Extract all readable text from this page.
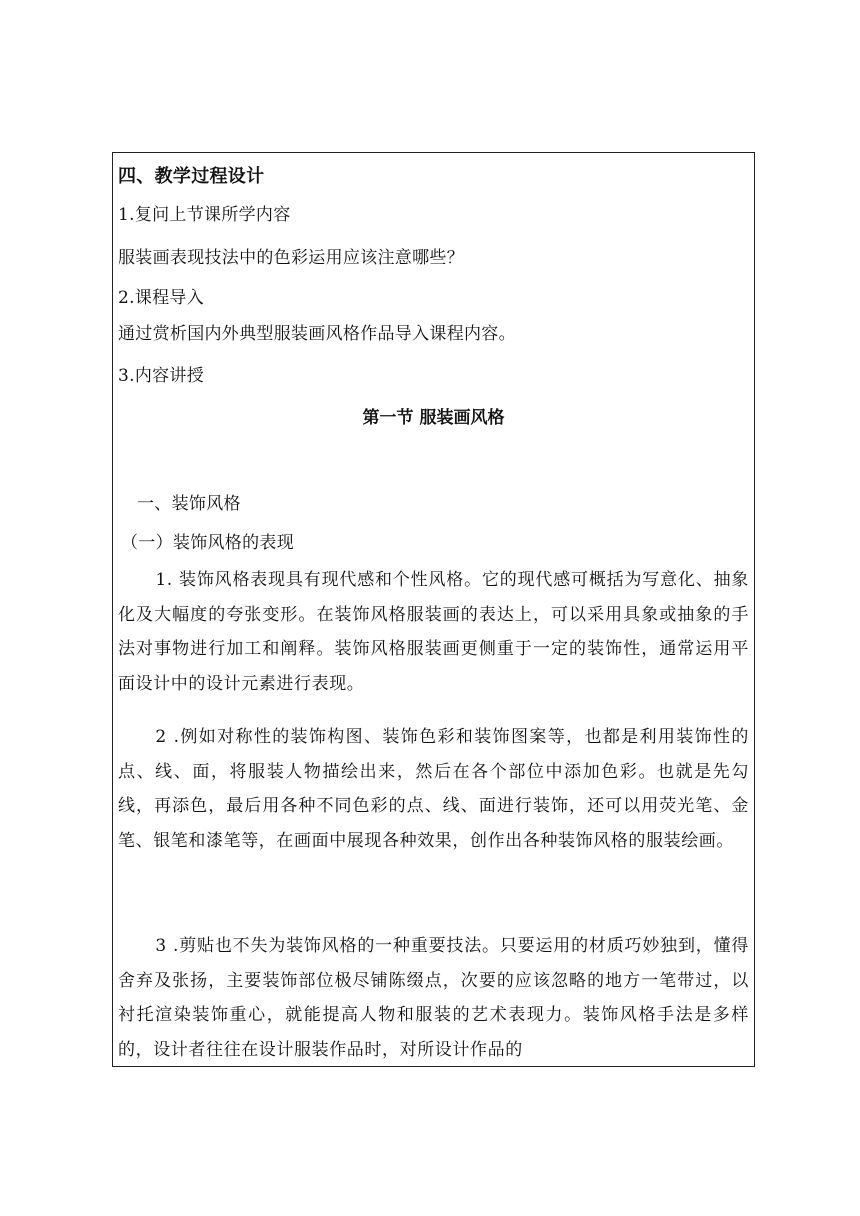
四、教学过程设计
1.复问上节课所学内容
服装画表现技法中的色彩运用应该注意哪些？
2.课程导入
通过赏析国内外典型服装画风格作品导入课程内容。
3.内容讲授
第一节 服装画风格
一、装饰风格
（一）装饰风格的表现

1. 装饰风格表现具有现代感和个性风格。它的现代感可概括为写意化、抽象化及大幅度的夸张变形。在装饰风格服装画的表达上，可以采用具象或抽象的手法对事物进行加工和阐释。装饰风格服装画更侧重于一定的装饰性，通常运用平面设计中的设计元素进行表现。

2 .例如对称性的装饰构图、装饰色彩和装饰图案等，也都是利用装饰性的点、线、面，将服装人物描绘出来，然后在各个部位中添加色彩。也就是先勾线，再添色，最后用各种不同色彩的点、线、面进行装饰，还可以用荧光笔、金笔、银笔和漆笔等，在画面中展现各种效果，创作出各种装饰风格的服装绘画。

3 .剪贴也不失为装饰风格的一种重要技法。只要运用的材质巧妙独到，懂得舍弃及张扬，主要装饰部位极尽铺陈缀点，次要的应该忽略的地方一笔带过，以衬托渲染装饰重心，就能提高人物和服装的艺术表现力。装饰风格手法是多样的，设计者往往在设计服装作品时，对所设计作品的
